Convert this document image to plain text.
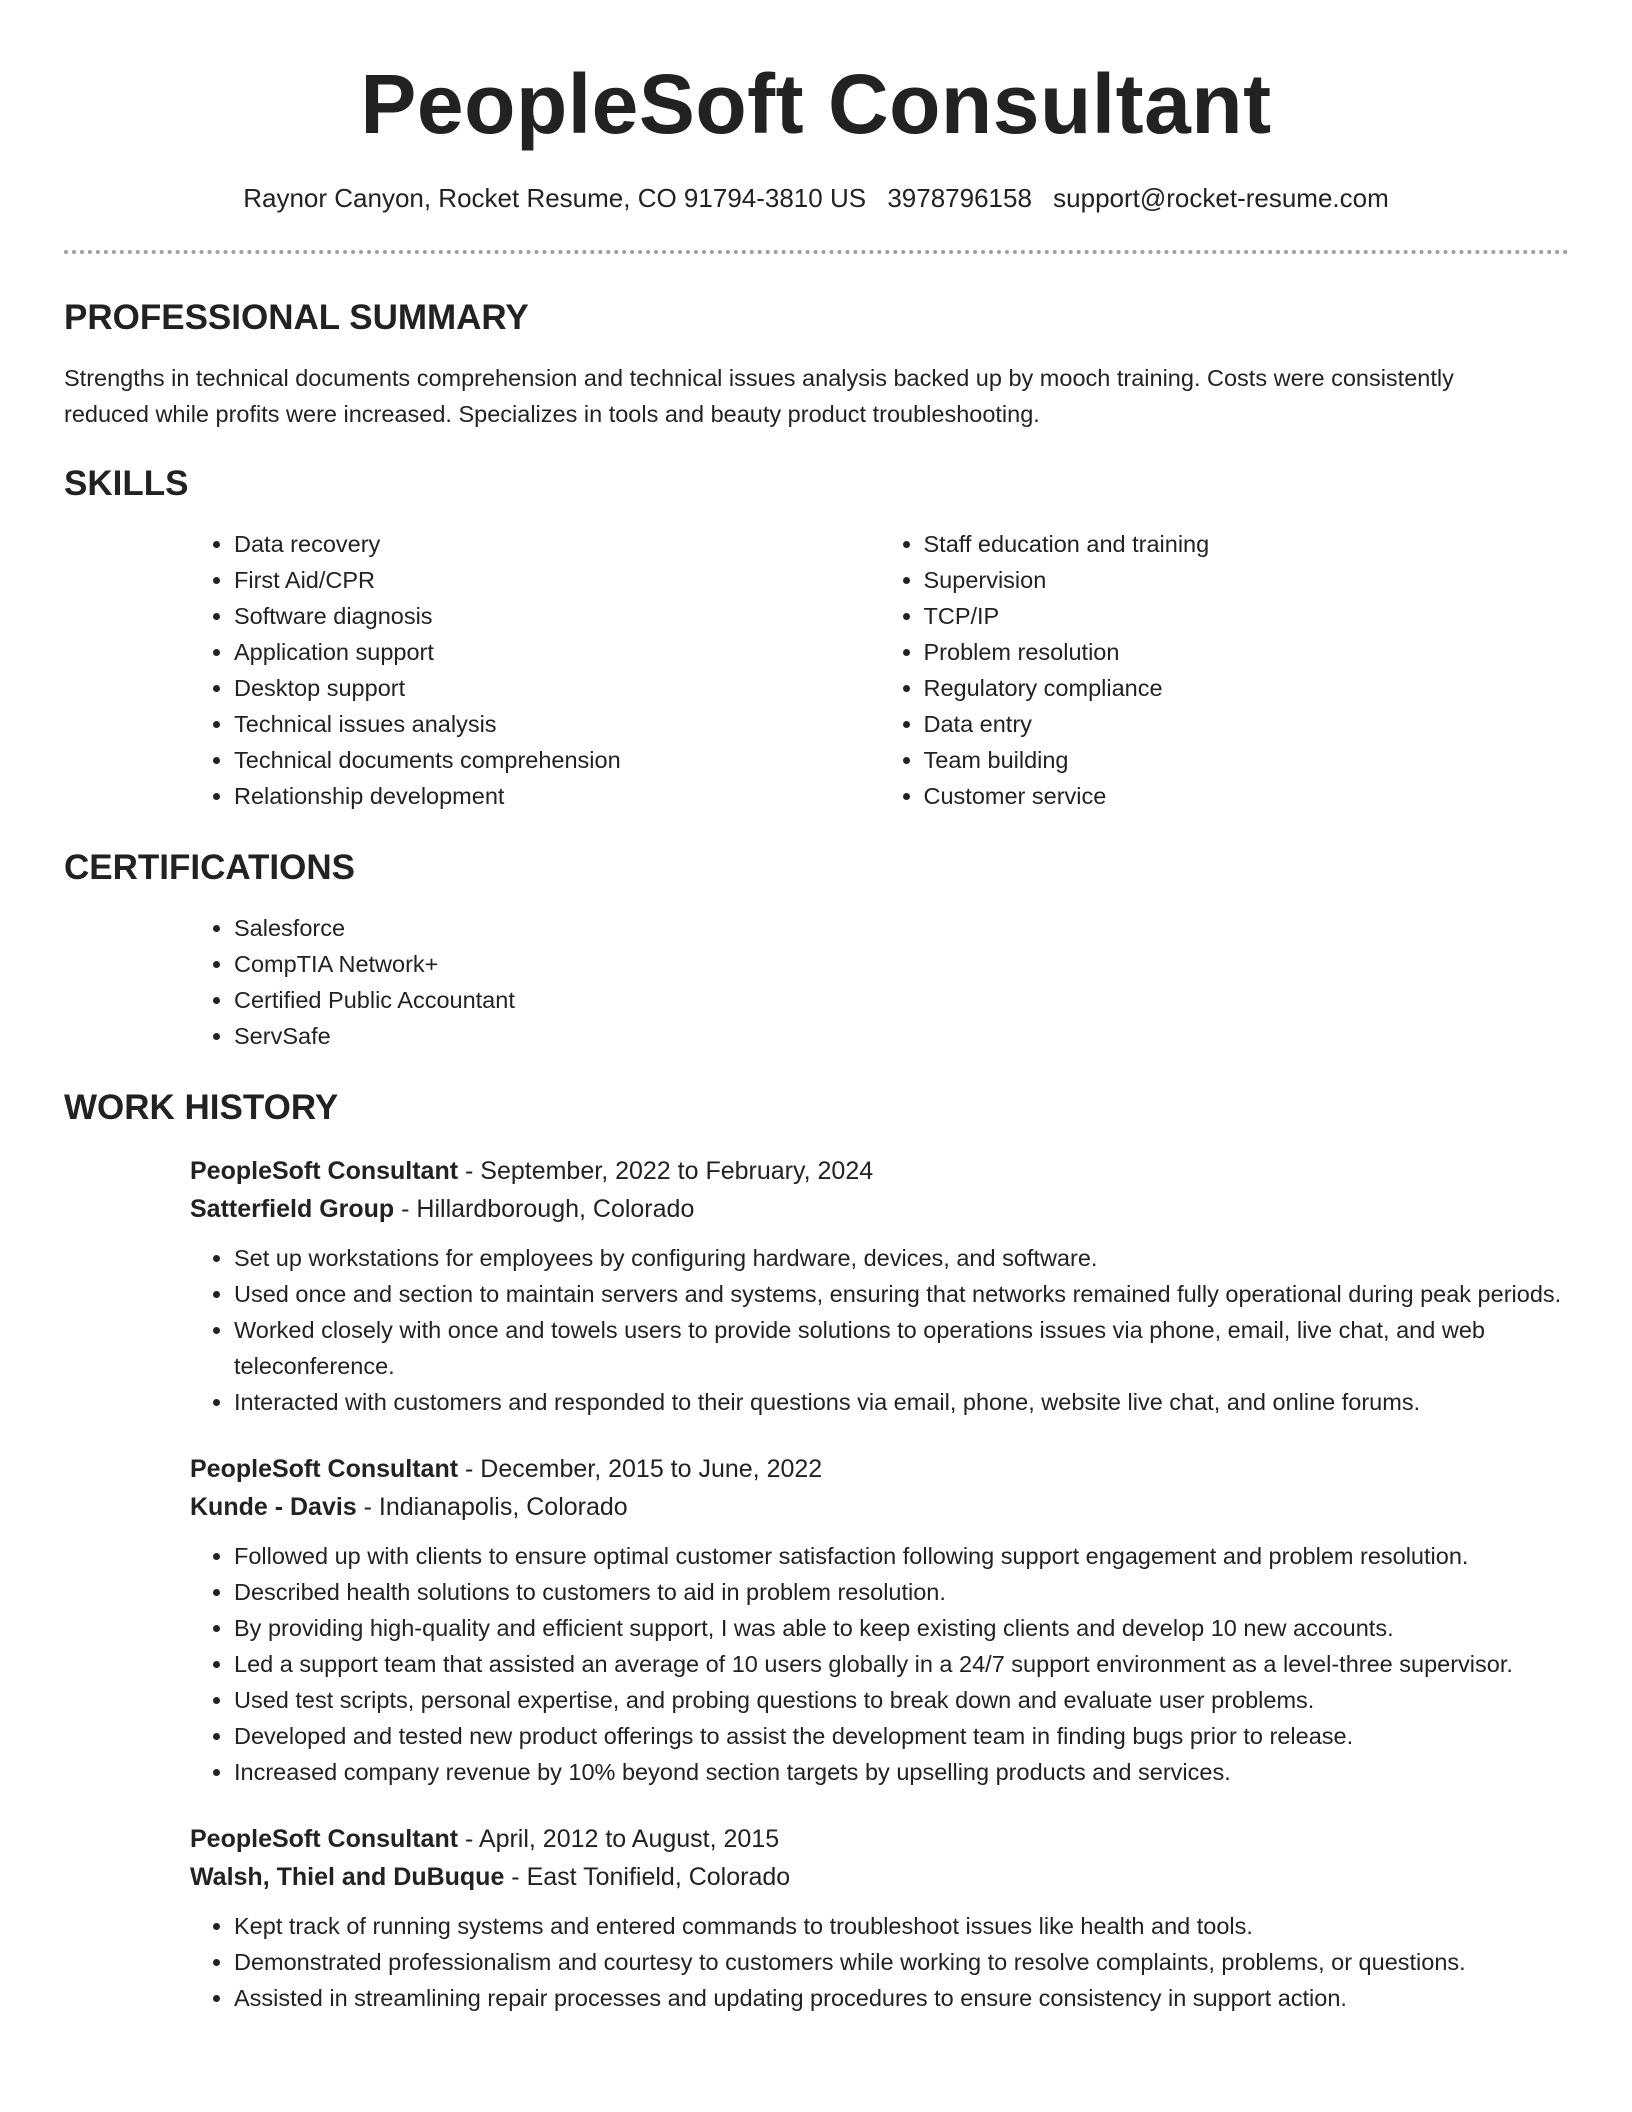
PeopleSoft Consultant
Raynor Canyon, Rocket Resume, CO 91794-3810 US 3978796158 support@rocket-resume.com
PROFESSIONAL SUMMARY

Strengths in technical documents comprehension and technical issues analysis backed up by mooch training. Costs were consistently reduced while profits were increased. Specializes in tools and beauty product troubleshooting.

SKILLS
• Data recovery
• First Aid/CPR
• Software diagnosis
• Application support
• Desktop support
• Technical issues analysis
• Technical documents comprehension
• Relationship development
• Staff education and training
• Supervision
• TCP/IP
• Problem resolution
• Regulatory compliance
• Data entry
• Team building
• Customer service
CERTIFICATIONS
• Salesforce
• CompTIA Network+
• Certified Public Accountant
• ServSafe
WORK HISTORY

PeopleSoft Consultant - September, 2022 to February, 2024

Satterfield Group - Hillardborough, Colorado

• Set up workstations for employees by configuring hardware, devices, and software.
• Used once and section to maintain servers and systems, ensuring that networks remained fully operational during peak periods.
• Worked closely with once and towels users to provide solutions to operations issues via phone, email, live chat, and web teleconference.
• Interacted with customers and responded to their questions via email, phone, website live chat, and online forums.

PeopleSoft Consultant - December, 2015 to June, 2022

Kunde - Davis - Indianapolis, Colorado

• Followed up with clients to ensure optimal customer satisfaction following support engagement and problem resolution.
• Described health solutions to customers to aid in problem resolution.
• By providing high-quality and efficient support, I was able to keep existing clients and develop 10 new accounts.
• Led a support team that assisted an average of 10 users globally in a 24/7 support environment as a level-three supervisor.
• Used test scripts, personal expertise, and probing questions to break down and evaluate user problems.
• Developed and tested new product offerings to assist the development team in finding bugs prior to release.
• Increased company revenue by 10% beyond section targets by upselling products and services.

PeopleSoft Consultant - April, 2012 to August, 2015

Walsh, Thiel and DuBuque - East Tonifield, Colorado

• Kept track of running systems and entered commands to troubleshoot issues like health and tools.
• Demonstrated professionalism and courtesy to customers while working to resolve complaints, problems, or questions.
• Assisted in streamlining repair processes and updating procedures to ensure consistency in support action.
